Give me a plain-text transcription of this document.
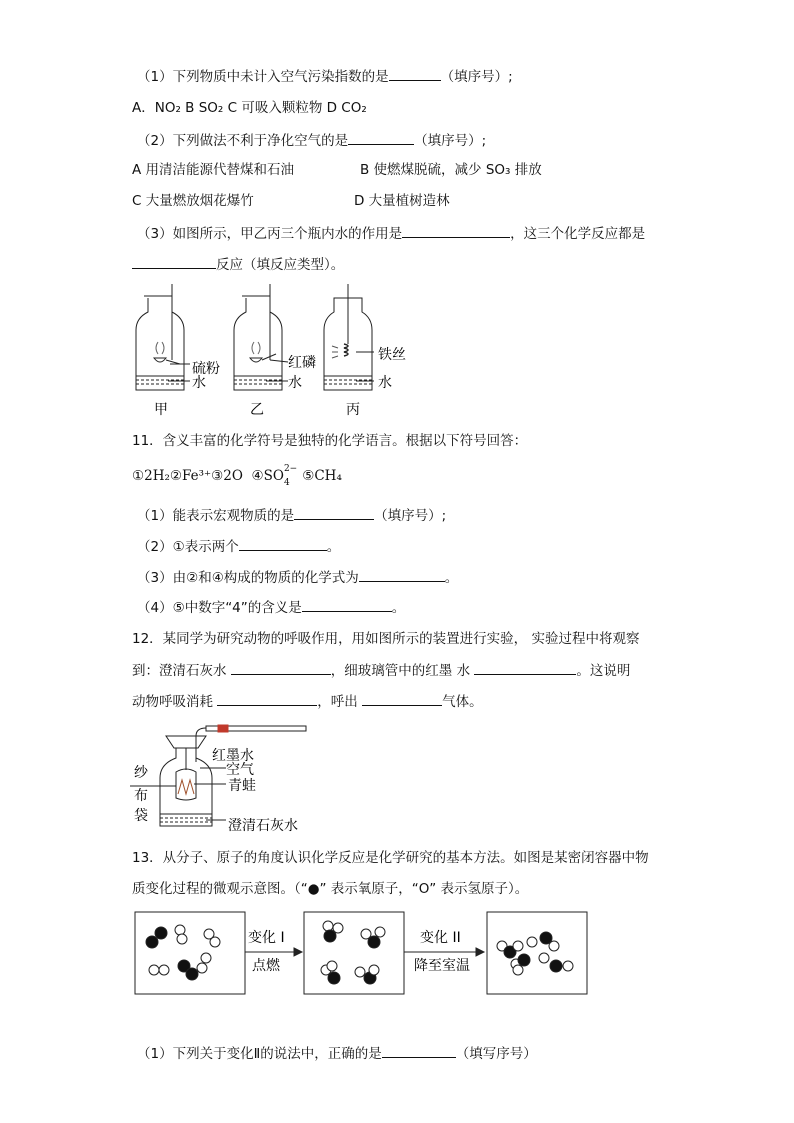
（1）下列物质中未计入空气污染指数的是	（填序号）;
A．NO₂ B SO₂ C 可吸入颗粒物 D CO₂
（2）下列做法不利于净化空气的是	（填序号）;
A 用清洁能源代替煤和石油	B 使燃煤脱硫，减少 SO₃ 排放
C 大量燃放烟花爆竹	D 大量植树造林
（3）如图所示，甲乙丙三个瓶内水的作用是	，这三个化学反应都是
反应（填反应类型）。
硫粉
水
甲
红磷
水
乙
铁丝
水
丙
11．含义丰富的化学符号是独特的化学语言。根据以下符号回答：
①2H₂②Fe³⁺③2O ④SO 2−
4 ⑤CH₄
（1）能表示宏观物质的是	（填序号）;
（2）①表示两个	。
（3）由②和④构成的物质的化学式为	。
（4）⑤中数字“4”的含义是	。
12．某同学为研究动物的呼吸作用，用如图所示的装置进行实验， 实验过程中将观察
到：澄清石灰水	，细玻璃管中的红墨 水	。这说明
动物呼吸消耗	，呼出	气体。
红墨水
纱
布
袋
空气
青蛙
澄清石灰水
13．从分子、原子的角度认识化学反应是化学研究的基本方法。如图是某密闭容器中物
质变化过程的微观示意图。（“●” 表示氧原子，“O” 表示氢原子）。
变化 I
点燃
变化 II
降至室温
（1）下列关于变化Ⅱ的说法中，正确的是	（填写序号）
